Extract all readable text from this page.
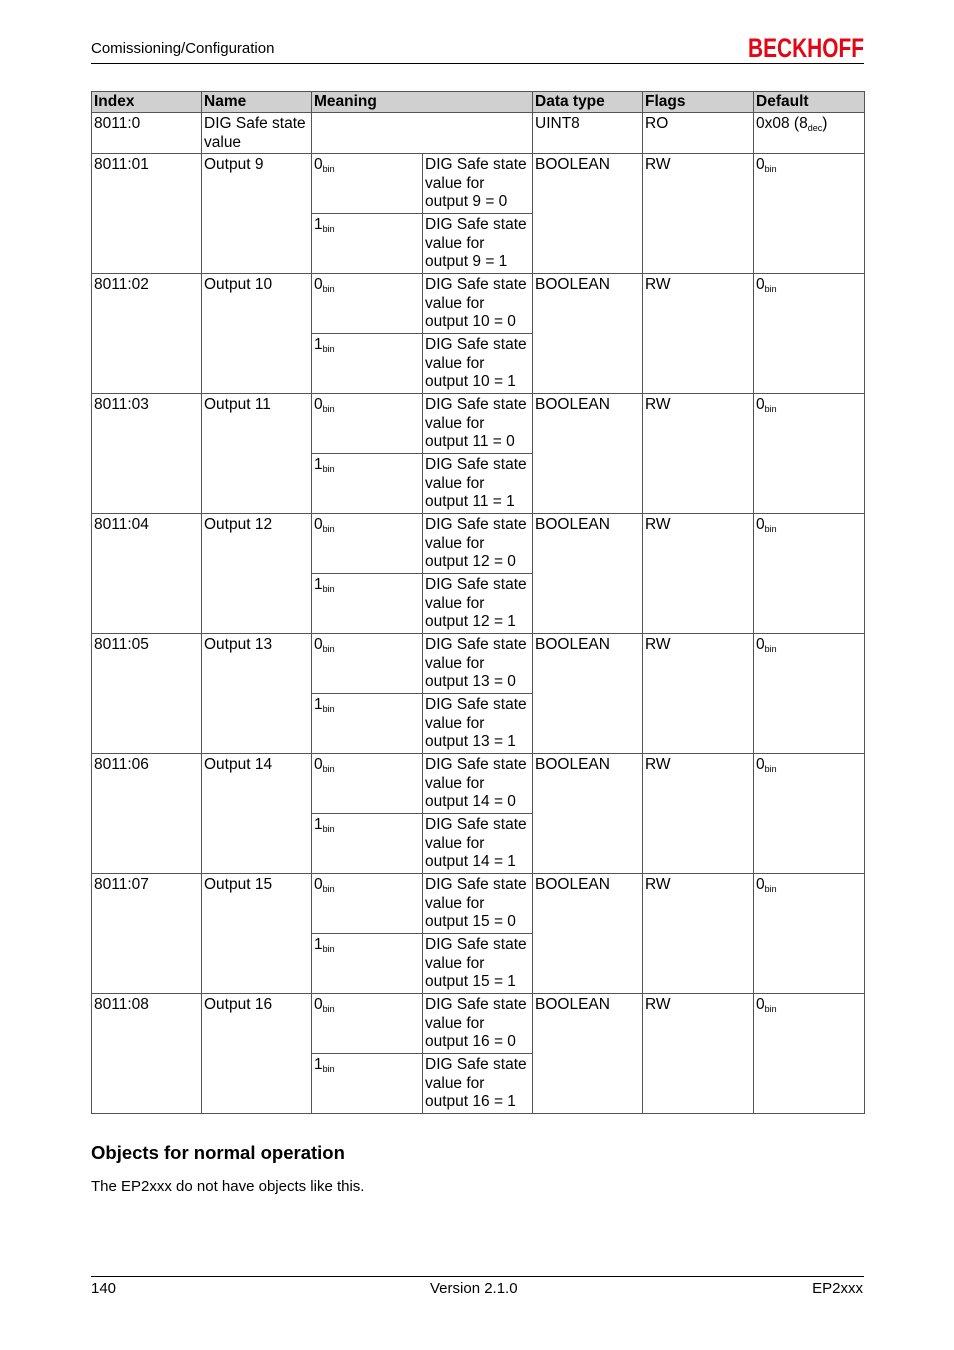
Comissioning/Configuration	BECKHOFF
Index	Name	Meaning		Data type	Flags	Default
8011:0	DIG Safe state value			UINT8	RO	0x08 $(8_{dec})$
8011:01	Output 9	$0_{bin}$	DIG Safe state value for output 9 = 0	BOOLEAN	RW	$0_{bin}$
		$1_{bin}$	DIG Safe state value for output 9 = 1			
8011:02	Output 10	$0_{bin}$	DIG Safe state value for output 10 = 0	BOOLEAN	RW	$0_{bin}$
		$1_{bin}$	DIG Safe state value for output 10 = 1			
8011:03	Output 11	$0_{bin}$	DIG Safe state value for output 11 = 0	BOOLEAN	RW	$0_{bin}$
		$1_{bin}$	DIG Safe state value for output 11 = 1			
8011:04	Output 12	$0_{bin}$	DIG Safe state value for output 12 = 0	BOOLEAN	RW	$0_{bin}$
		$1_{bin}$	DIG Safe state value for output 12 = 1			
8011:05	Output 13	$0_{bin}$	DIG Safe state value for output 13 = 0	BOOLEAN	RW	$0_{bin}$
		$1_{bin}$	DIG Safe state value for output 13 = 1			
8011:06	Output 14	$0_{bin}$	DIG Safe state value for output 14 = 0	BOOLEAN	RW	$0_{bin}$
		$1_{bin}$	DIG Safe state value for output 14 = 1			
8011:07	Output 15	$0_{bin}$	DIG Safe state value for output 15 = 0	BOOLEAN	RW	$0_{bin}$
		$1_{bin}$	DIG Safe state value for output 15 = 1			
8011:08	Output 16	$0_{bin}$	DIG Safe state value for output 16 = 0	BOOLEAN	RW	$0_{bin}$
		$1_{bin}$	DIG Safe state value for output 16 = 1			
Objects for normal operation
The EP2xxx do not have objects like this.
140	Version 2.1.0	EP2xxx
